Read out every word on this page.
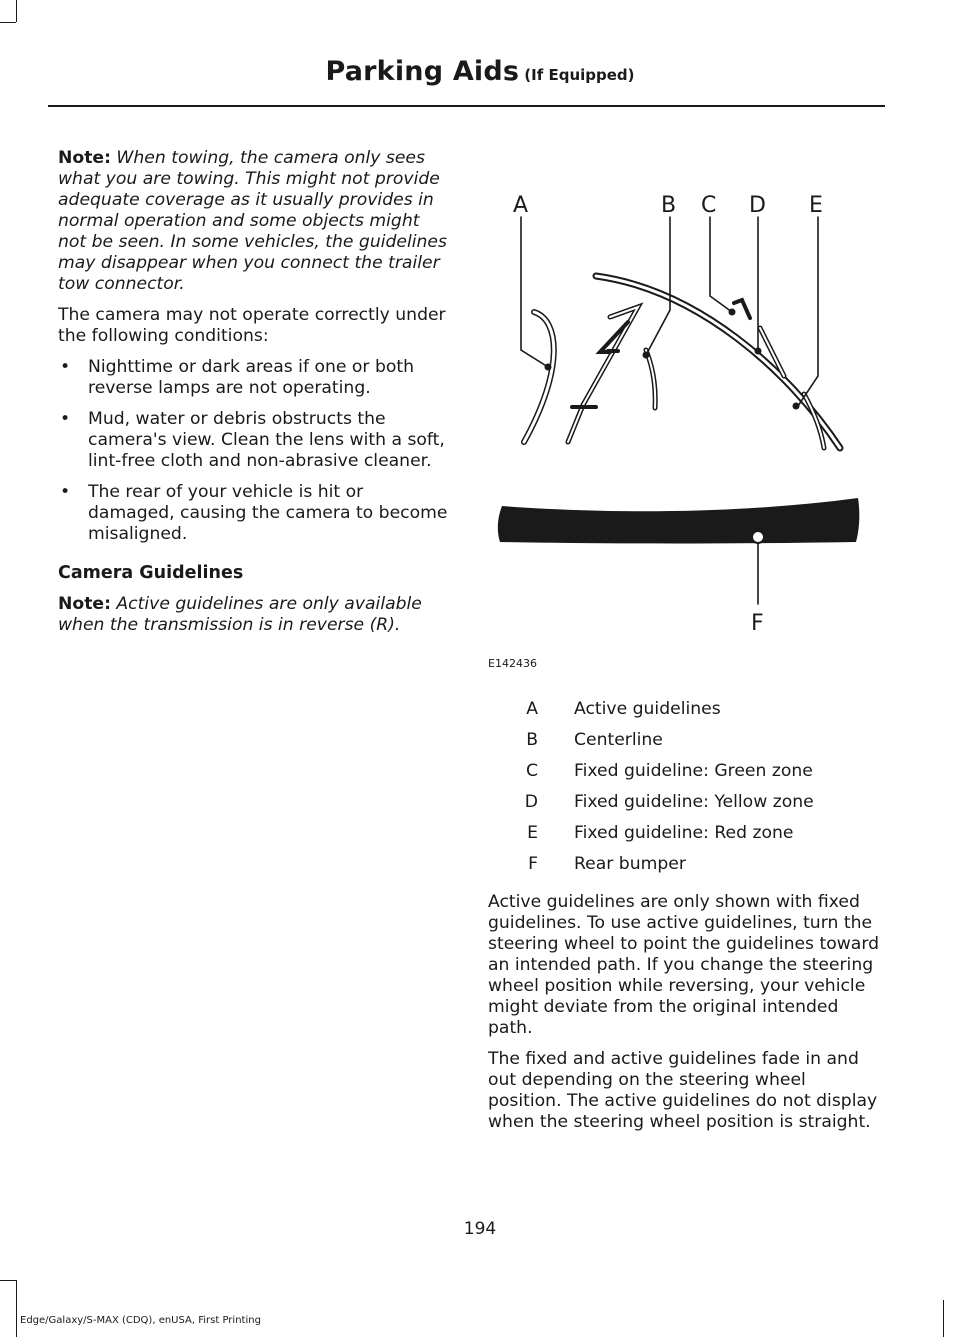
Parking Aids (If Equipped)

Note: When towing, the camera only sees what you are towing. This might not provide adequate coverage as it usually provides in normal operation and some objects might not be seen. In some vehicles, the guidelines may disappear when you connect the trailer tow connector.

The camera may not operate correctly under the following conditions:

• Nighttime or dark areas if one or both reverse lamps are not operating.
• Mud, water or debris obstructs the camera's view. Clean the lens with a soft, lint-free cloth and non-abrasive cleaner.
• The rear of your vehicle is hit or damaged, causing the camera to become misaligned.
Camera Guidelines

Note: Active guidelines are only available when the transmission is in reverse (R).

A	B C D E
F
E142436
A Active guidelines
B Centerline
C Fixed guideline: Green zone
D Fixed guideline: Yellow zone
E Fixed guideline: Red zone
F Rear bumper

Active guidelines are only shown with fixed guidelines. To use active guidelines, turn the steering wheel to point the guidelines toward an intended path. If you change the steering wheel position while reversing, your vehicle might deviate from the original intended path.

The fixed and active guidelines fade in and out depending on the steering wheel position. The active guidelines do not display when the steering wheel position is straight.

194
Edge/Galaxy/S-MAX (CDQ), enUSA, First Printing
